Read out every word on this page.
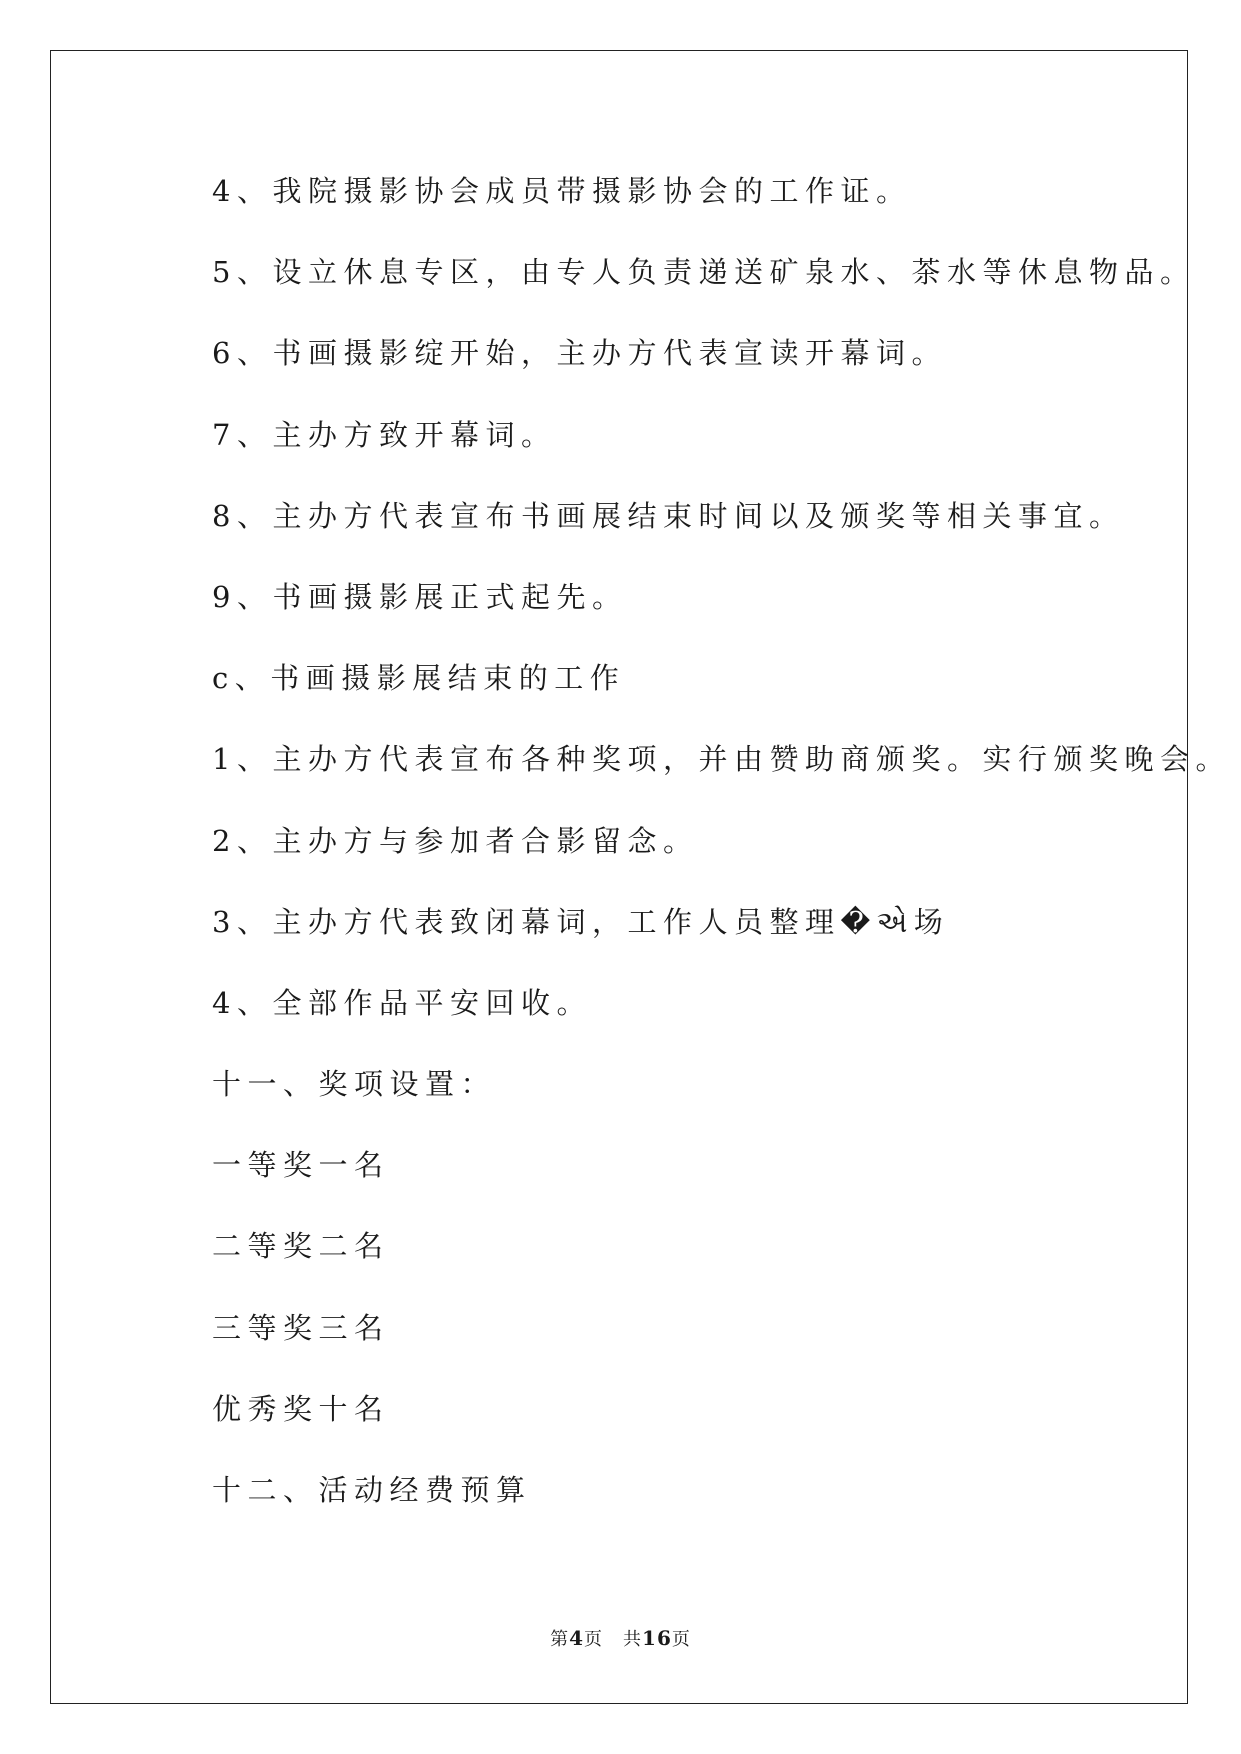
4、我院摄影协会成员带摄影协会的工作证。
5、设立休息专区，由专人负责递送矿泉水、茶水等休息物品。
6、书画摄影绽开始，主办方代表宣读开幕词。
7、主办方致开幕词。
8、主办方代表宣布书画展结束时间以及颁奖等相关事宜。
9、书画摄影展正式起先。
c、书画摄影展结束的工作
1、主办方代表宣布各种奖项，并由赞助商颁奖。实行颁奖晚会。
2、主办方与参加者合影留念。
3、主办方代表致闭幕词，工作人员整理�એ场
4、全部作品平安回收。
十一、奖项设置：
一等奖一名
二等奖二名
三等奖三名
优秀奖十名
十二、活动经费预算
第4页 共16页
